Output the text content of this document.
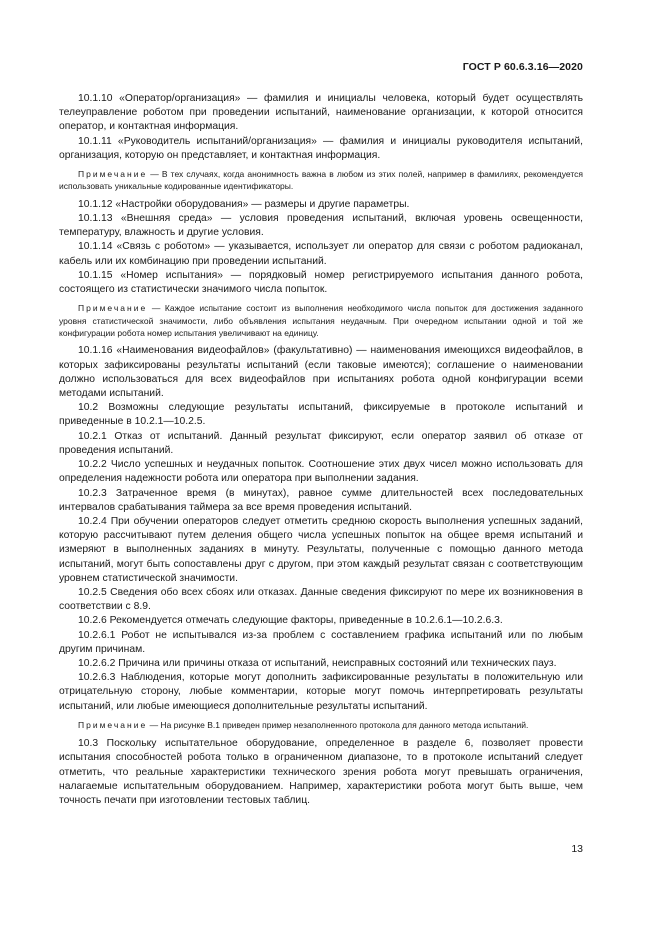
ГОСТ Р 60.6.3.16—2020

10.1.10 «Оператор/организация» — фамилия и инициалы человека, который будет осуществлять телеуправление роботом при проведении испытаний, наименование организации, к которой относится оператор, и контактная информация.

10.1.11 «Руководитель испытаний/организация» — фамилия и инициалы руководителя испытаний, организация, которую он представляет, и контактная информация.

Примечание — В тех случаях, когда анонимность важна в любом из этих полей, например в фамилиях, рекомендуется использовать уникальные кодированные идентификаторы.

10.1.12 «Настройки оборудования» — размеры и другие параметры.

10.1.13 «Внешняя среда» — условия проведения испытаний, включая уровень освещенности, температуру, влажность и другие условия.

10.1.14 «Связь с роботом» — указывается, использует ли оператор для связи с роботом радиоканал, кабель или их комбинацию при проведении испытаний.

10.1.15 «Номер испытания» — порядковый номер регистрируемого испытания данного робота, состоящего из статистически значимого числа попыток.

Примечание — Каждое испытание состоит из выполнения необходимого числа попыток для достижения заданного уровня статистической значимости, либо объявления испытания неудачным. При очередном испытании одной и той же конфигурации робота номер испытания увеличивают на единицу.

10.1.16 «Наименования видеофайлов» (факультативно) — наименования имеющихся видеофайлов, в которых зафиксированы результаты испытаний (если таковые имеются); соглашение о наименовании должно использоваться для всех видеофайлов при испытаниях робота одной конфигурации всеми методами испытаний.

10.2 Возможны следующие результаты испытаний, фиксируемые в протоколе испытаний и приведенные в 10.2.1—10.2.5.

10.2.1 Отказ от испытаний. Данный результат фиксируют, если оператор заявил об отказе от проведения испытаний.

10.2.2 Число успешных и неудачных попыток. Соотношение этих двух чисел можно использовать для определения надежности робота или оператора при выполнении задания.

10.2.3 Затраченное время (в минутах), равное сумме длительностей всех последовательных интервалов срабатывания таймера за все время проведения испытаний.

10.2.4 При обучении операторов следует отметить среднюю скорость выполнения успешных заданий, которую рассчитывают путем деления общего числа успешных попыток на общее время испытаний и измеряют в выполненных заданиях в минуту. Результаты, полученные с помощью данного метода испытаний, могут быть сопоставлены друг с другом, при этом каждый результат связан с соответствующим уровнем статистической значимости.

10.2.5 Сведения обо всех сбоях или отказах. Данные сведения фиксируют по мере их возникновения в соответствии с 8.9.

10.2.6 Рекомендуется отмечать следующие факторы, приведенные в 10.2.6.1—10.2.6.3.

10.2.6.1 Робот не испытывался из-за проблем с составлением графика испытаний или по любым другим причинам.

10.2.6.2 Причина или причины отказа от испытаний, неисправных состояний или технических пауз.

10.2.6.3 Наблюдения, которые могут дополнить зафиксированные результаты в положительную или отрицательную сторону, любые комментарии, которые могут помочь интерпретировать результаты испытаний, или любые имеющиеся дополнительные результаты испытаний.

Примечание — На рисунке В.1 приведен пример незаполненного протокола для данного метода испытаний.

10.3 Поскольку испытательное оборудование, определенное в разделе 6, позволяет провести испытания способностей робота только в ограниченном диапазоне, то в протоколе испытаний следует отметить, что реальные характеристики технического зрения робота могут превышать ограничения, налагаемые испытательным оборудованием. Например, характеристики робота могут быть выше, чем точность печати при изготовлении тестовых таблиц.

13
